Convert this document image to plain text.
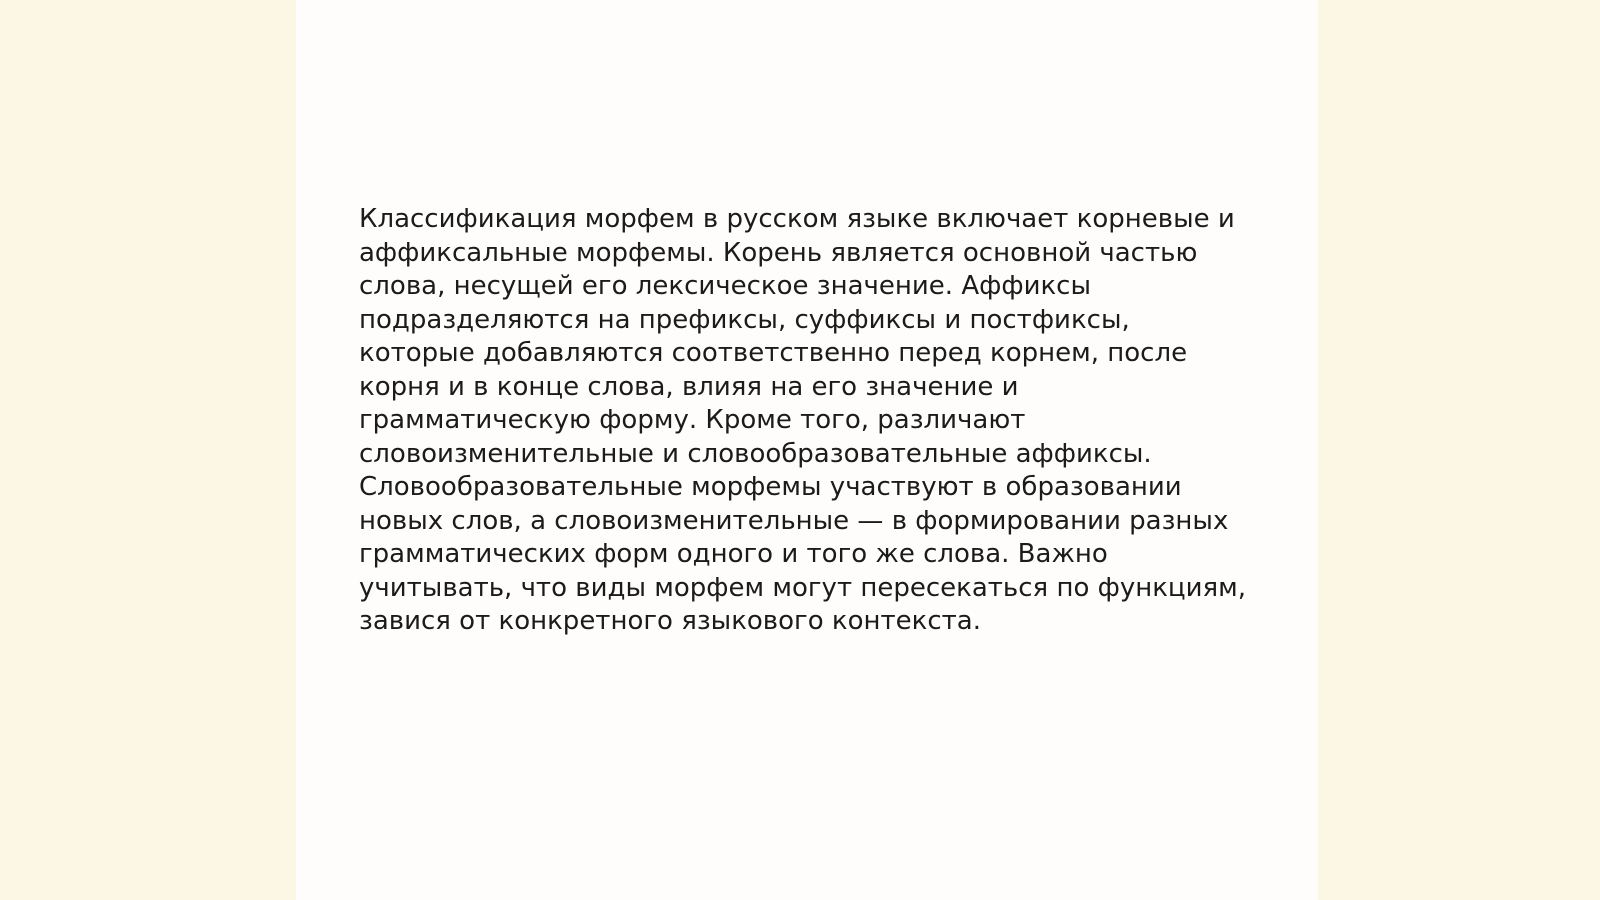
Классификация морфем в русском языке включает корневые и аффиксальные морфемы. Корень является основной частью слова, несущей его лексическое значение. Аффиксы подразделяются на префиксы, суффиксы и постфиксы, которые добавляются соответственно перед корнем, после корня и в конце слова, влияя на его значение и грамматическую форму. Кроме того, различают словоизменительные и словообразовательные аффиксы. Словообразовательные морфемы участвуют в образовании новых слов, а словоизменительные — в формировании разных грамматических форм одного и того же слова. Важно учитывать, что виды морфем могут пересекаться по функциям, завися от конкретного языкового контекста.
